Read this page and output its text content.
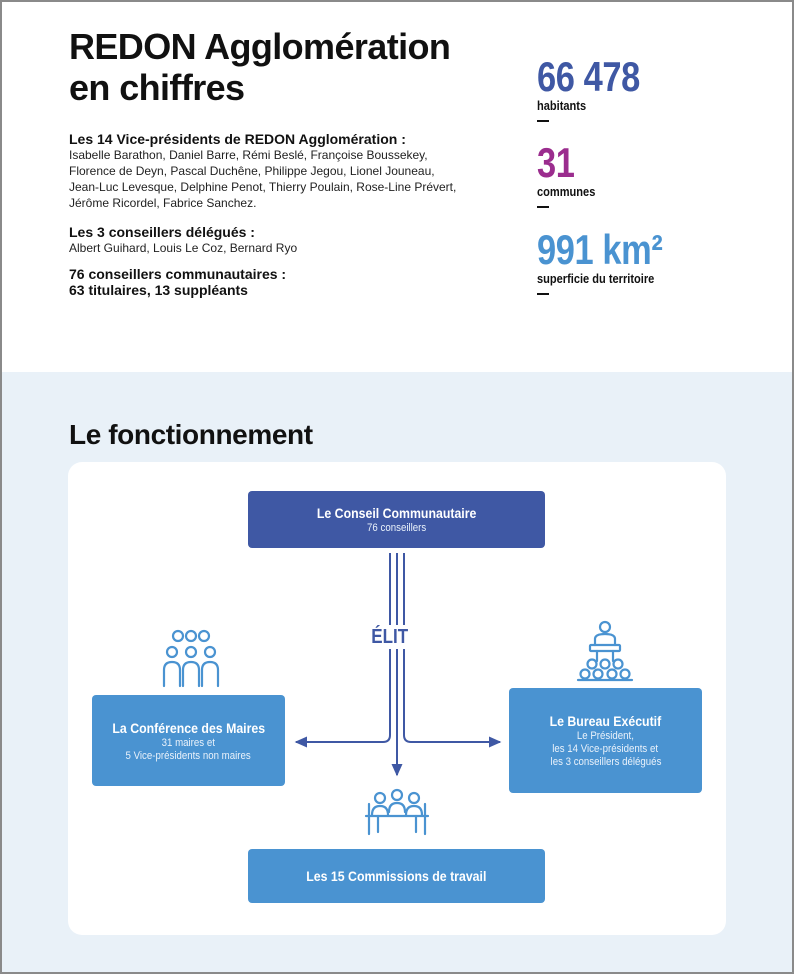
REDON Agglomération
en chiffres
Les 14 Vice-présidents de REDON Agglomération :
Isabelle Barathon, Daniel Barre, Rémi Beslé, Françoise Boussekey,
Florence de Deyn, Pascal Duchêne, Philippe Jegou, Lionel Jouneau,
Jean-Luc Levesque, Delphine Penot, Thierry Poulain, Rose-Line Prévert,
Jérôme Ricordel, Fabrice Sanchez.
Les 3 conseillers délégués :
Albert Guihard, Louis Le Coz, Bernard Ryo
76 conseillers communautaires :
63 titulaires, 13 suppléants
66 478
habitants
31
communes
991 km²
superficie du territoire
Le fonctionnement
ÉLIT
Le Conseil Communautaire
76 conseillers
La Conférence des Maires
31 maires et
5 Vice-présidents non maires
Le Bureau Exécutif
Le Président,
les 14 Vice-présidents et
les 3 conseillers délégués
Les 15 Commissions de travail
